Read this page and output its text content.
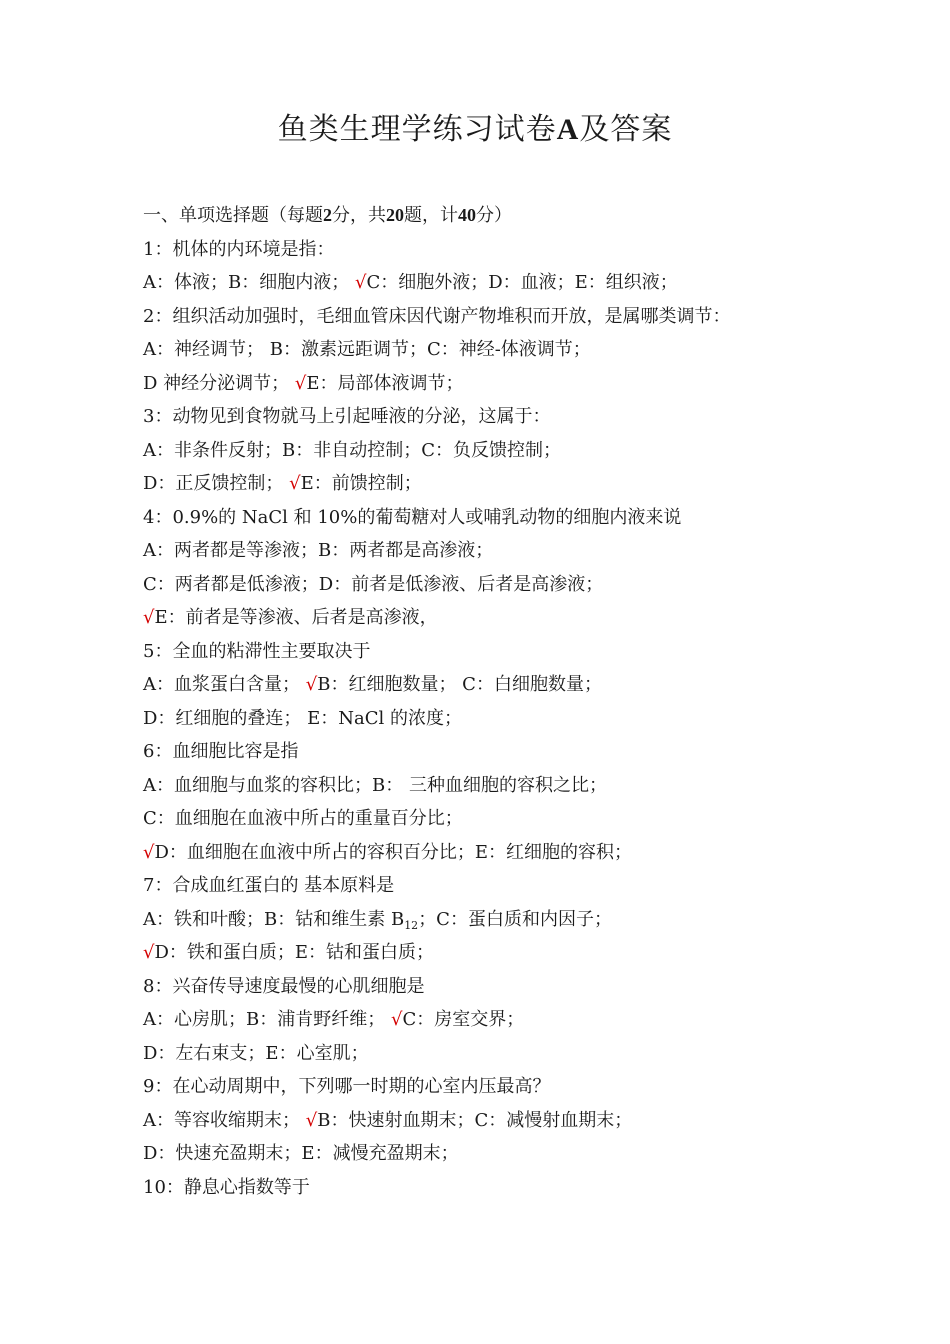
鱼类生理学练习试卷A及答案
一、单项选择题（每题2分，共20题，计40分）
1：机体的内环境是指：
A：体液；B：细胞内液； √C：细胞外液；D：血液；E：组织液；
2：组织活动加强时，毛细血管床因代谢产物堆积而开放，是属哪类调节：
A：神经调节； B：激素远距调节；C：神经-体液调节；
D 神经分泌调节； √E：局部体液调节；
3：动物见到食物就马上引起唾液的分泌，这属于：
A：非条件反射；B：非自动控制；C：负反馈控制；
D：正反馈控制； √E：前馈控制；
4：0.9%的 NaCl 和 10%的葡萄糖对人或哺乳动物的细胞内液来说
A：两者都是等渗液；B：两者都是高渗液；
C：两者都是低渗液；D：前者是低渗液、后者是高渗液；
√E：前者是等渗液、后者是高渗液，
5：全血的粘滞性主要取决于
A：血浆蛋白含量； √B：红细胞数量； C：白细胞数量；
D：红细胞的叠连； E：NaCl 的浓度；
6：血细胞比容是指
A：血细胞与血浆的容积比；B： 三种血细胞的容积之比；
C：血细胞在血液中所占的重量百分比；
√D：血细胞在血液中所占的容积百分比；E：红细胞的容积；
7：合成血红蛋白的 基本原料是
A：铁和叶酸；B：钴和维生素 $B_{12}$；C：蛋白质和内因子；
√D：铁和蛋白质；E：钴和蛋白质；
8：兴奋传导速度最慢的心肌细胞是
A：心房肌；B：浦肯野纤维； √C：房室交界；
D：左右束支；E：心室肌；
9：在心动周期中，下列哪一时期的心室内压最高？
A：等容收缩期末； √B：快速射血期末；C：减慢射血期末；
D：快速充盈期末；E：减慢充盈期末；
10：静息心指数等于
